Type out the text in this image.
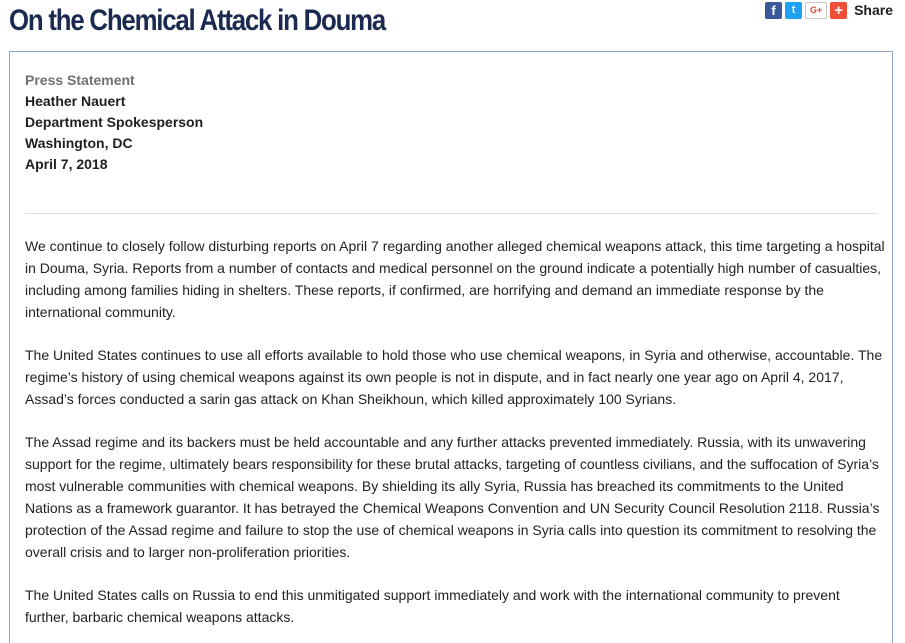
On the Chemical Attack in Douma	f	t	G+ + Share
Press Statement
Heather Nauert
Department Spokesperson
Washington, DC
April 7, 2018

We continue to closely follow disturbing reports on April 7 regarding another alleged chemical weapons attack, this time targeting a hospital in Douma, Syria. Reports from a number of contacts and medical personnel on the ground indicate a potentially high number of casualties, including among families hiding in shelters. These reports, if confirmed, are horrifying and demand an immediate response by the international community.

The United States continues to use all efforts available to hold those who use chemical weapons, in Syria and otherwise, accountable. The regime’s history of using chemical weapons against its own people is not in dispute, and in fact nearly one year ago on April 4, 2017, Assad’s forces conducted a sarin gas attack on Khan Sheikhoun, which killed approximately 100 Syrians.

The Assad regime and its backers must be held accountable and any further attacks prevented immediately. Russia, with its unwavering support for the regime, ultimately bears responsibility for these brutal attacks, targeting of countless civilians, and the suffocation of Syria’s most vulnerable communities with chemical weapons. By shielding its ally Syria, Russia has breached its commitments to the United Nations as a framework guarantor. It has betrayed the Chemical Weapons Convention and UN Security Council Resolution 2118. Russia’s protection of the Assad regime and failure to stop the use of chemical weapons in Syria calls into question its commitment to resolving the overall crisis and to larger non-proliferation priorities.

The United States calls on Russia to end this unmitigated support immediately and work with the international community to prevent further, barbaric chemical weapons attacks.
